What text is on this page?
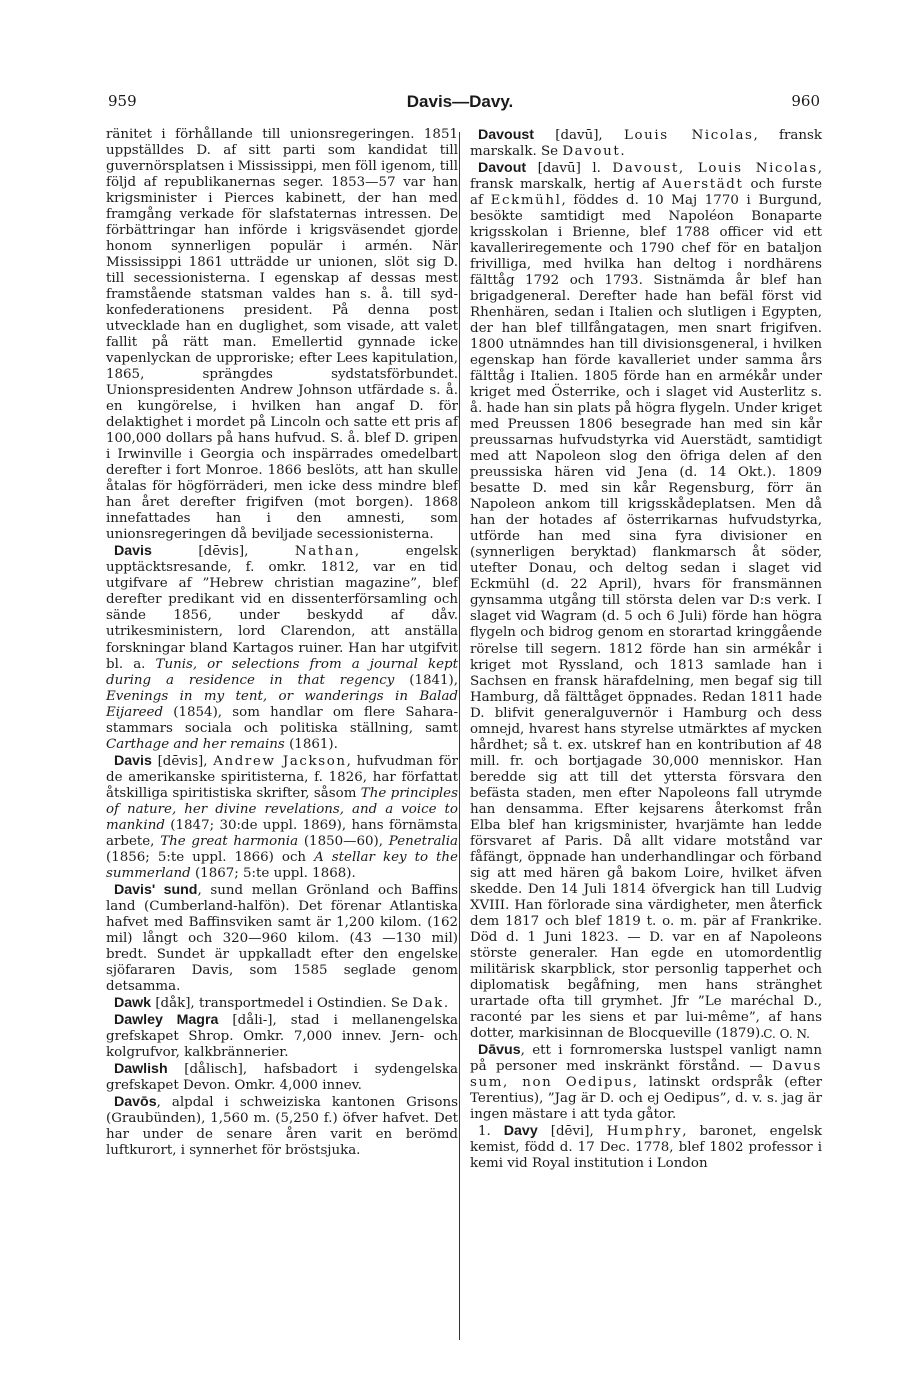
959	Davis—Davy.	960

ränitet i förhållande till unionsregeringen. 1851 uppställdes D. af sitt parti som kandidat till guvernörsplatsen i Mississippi, men föll igenom, till följd af republikanernas seger. 1853—57 var han krigsminister i Pierces kabinett, der han med framgång verkade för slafstaternas intressen. De förbättringar han införde i krigsväsendet gjorde honom synnerligen populär i armén. När Mississippi 1861 utträdde ur unionen, slöt sig D. till secessionisterna. I egenskap af dessas mest framstående statsman valdes han s. å. till syd-konfederationens president. På denna post utvecklade han en duglighet, som visade, att valet fallit på rätt man. Emellertid gynnade icke vapenlyckan de upproriske; efter Lees kapitulation, 1865, sprängdes sydstatsförbundet. Unionspresidenten Andrew Johnson utfärdade s. å. en kungörelse, i hvilken han angaf D. för delaktighet i mordet på Lincoln och satte ett pris af 100,000 dollars på hans hufvud. S. å. blef D. gripen i Irwinville i Georgia och inspärrades omedelbart derefter i fort Monroe. 1866 beslöts, att han skulle åtalas för högförräderi, men icke dess mindre blef han året derefter frigifven (mot borgen). 1868 innefattades han i den amnesti, som unionsregeringen då beviljade secessionisterna.

Davis [dēvis], Nathan, engelsk upptäcktsresande, f. omkr. 1812, var en tid utgifvare af ”Hebrew christian magazine”, blef derefter predikant vid en dissenterförsamling och sände 1856, under beskydd af dåv. utrikesministern, lord Clarendon, att anställa forskningar bland Kartagos ruiner. Han har utgifvit bl. a. Tunis, or selections from a journal kept during a residence in that regency (1841), Evenings in my tent, or wanderings in Balad Eijareed (1854), som handlar om flere Sahara-stammars sociala och politiska ställning, samt Carthage and her remains (1861).

Davis [dēvis], Andrew Jackson, hufvudman för de amerikanske spiritisterna, f. 1826, har författat åtskilliga spiritistiska skrifter, såsom The principles of nature, her divine revelations, and a voice to mankind (1847; 30:de uppl. 1869), hans förnämsta arbete, The great harmonia (1850—60), Penetralia (1856; 5:te uppl. 1866) och A stellar key to the summerland (1867; 5:te uppl. 1868).

Davis' sund, sund mellan Grönland och Baffins land (Cumberland-halfön). Det förenar Atlantiska hafvet med Baffinsviken samt är 1,200 kilom. (162 mil) långt och 320—960 kilom. (43 —130 mil) bredt. Sundet är uppkalladt efter den engelske sjöfararen Davis, som 1585 seglade genom detsamma.

Dawk [dåk], transportmedel i Ostindien. Se Dak.

Dawley Magra [dåli-], stad i mellanengelska grefskapet Shrop. Omkr. 7,000 innev. Jern- och kolgrufvor, kalkbrännerier.

Dawlish [dålisch], hafsbadort i sydengelska grefskapet Devon. Omkr. 4,000 innev.

Davōs, alpdal i schweiziska kantonen Grisons (Graubünden), 1,560 m. (5,250 f.) öfver hafvet. Det har under de senare åren varit en berömd luftkurort, i synnerhet för bröstsjuka.

Davoust [davū], Louis Nicolas, fransk marskalk. Se Davout.

Davout [davū] l. Davoust, Louis Nicolas, fransk marskalk, hertig af Auerstädt och furste af Eckmühl, föddes d. 10 Maj 1770 i Burgund, besökte samtidigt med Napoléon Bonaparte krigsskolan i Brienne, blef 1788 officer vid ett kavalleriregemente och 1790 chef för en bataljon frivilliga, med hvilka han deltog i nordhärens fälttåg 1792 och 1793. Sistnämda år blef han brigadgeneral. Derefter hade han befäl först vid Rhenhären, sedan i Italien och slutligen i Egypten, der han blef tillfångatagen, men snart frigifven. 1800 utnämndes han till divisionsgeneral, i hvilken egenskap han förde kavalleriet under samma års fälttåg i Italien. 1805 förde han en armékår under kriget med Österrike, och i slaget vid Austerlitz s. å. hade han sin plats på högra flygeln. Under kriget med Preussen 1806 besegrade han med sin kår preussarnas hufvudstyrka vid Auerstädt, samtidigt med att Napoleon slog den öfriga delen af den preussiska hären vid Jena (d. 14 Okt.). 1809 besatte D. med sin kår Regensburg, förr än Napoleon ankom till krigsskådeplatsen. Men då han der hotades af österrikarnas hufvudstyrka, utförde han med sina fyra divisioner en (synnerligen beryktad) flankmarsch åt söder, utefter Donau, och deltog sedan i slaget vid Eckmühl (d. 22 April), hvars för fransmännen gynsamma utgång till största delen var D:s verk. I slaget vid Wagram (d. 5 och 6 Juli) förde han högra flygeln och bidrog genom en storartad kringgående rörelse till segern. 1812 förde han sin armékår i kriget mot Ryssland, och 1813 samlade han i Sachsen en fransk härafdelning, men begaf sig till Hamburg, då fälttåget öppnades. Redan 1811 hade D. blifvit generalguvernör i Hamburg och dess omnejd, hvarest hans styrelse utmärktes af mycken hårdhet; så t. ex. utskref han en kontribution af 48 mill. fr. och bortjagade 30,000 menniskor. Han beredde sig att till det yttersta försvara den befästa staden, men efter Napoleons fall utrymde han densamma. Efter kejsarens återkomst från Elba blef han krigsminister, hvarjämte han ledde försvaret af Paris. Då allt vidare motstånd var fåfängt, öppnade han underhandlingar och förband sig att med hären gå bakom Loire, hvilket äfven skedde. Den 14 Juli 1814 öfvergick han till Ludvig XVIII. Han förlorade sina värdigheter, men återfick dem 1817 och blef 1819 t. o. m. pär af Frankrike. Död d. 1 Juni 1823. — D. var en af Napoleons störste generaler. Han egde en utomordentlig militärisk skarpblick, stor personlig tapperhet och diplomatisk begåfning, men hans stränghet urartade ofta till grymhet. Jfr ”Le maréchal D., raconté par les siens et par lui-même”, af hans dotter, markisinnan de Blocqueville (1879).

C. O. N.

Dāvus, ett i fornromerska lustspel vanligt namn på personer med inskränkt förstånd. — Davus sum, non Oedipus, latinskt ordspråk (efter Terentius), ”Jag är D. och ej Oedipus”, d. v. s. jag är ingen mästare i att tyda gåtor.

1. Davy [dēvi], Humphry, baronet, engelsk kemist, född d. 17 Dec. 1778, blef 1802 professor i kemi vid Royal institution i London
